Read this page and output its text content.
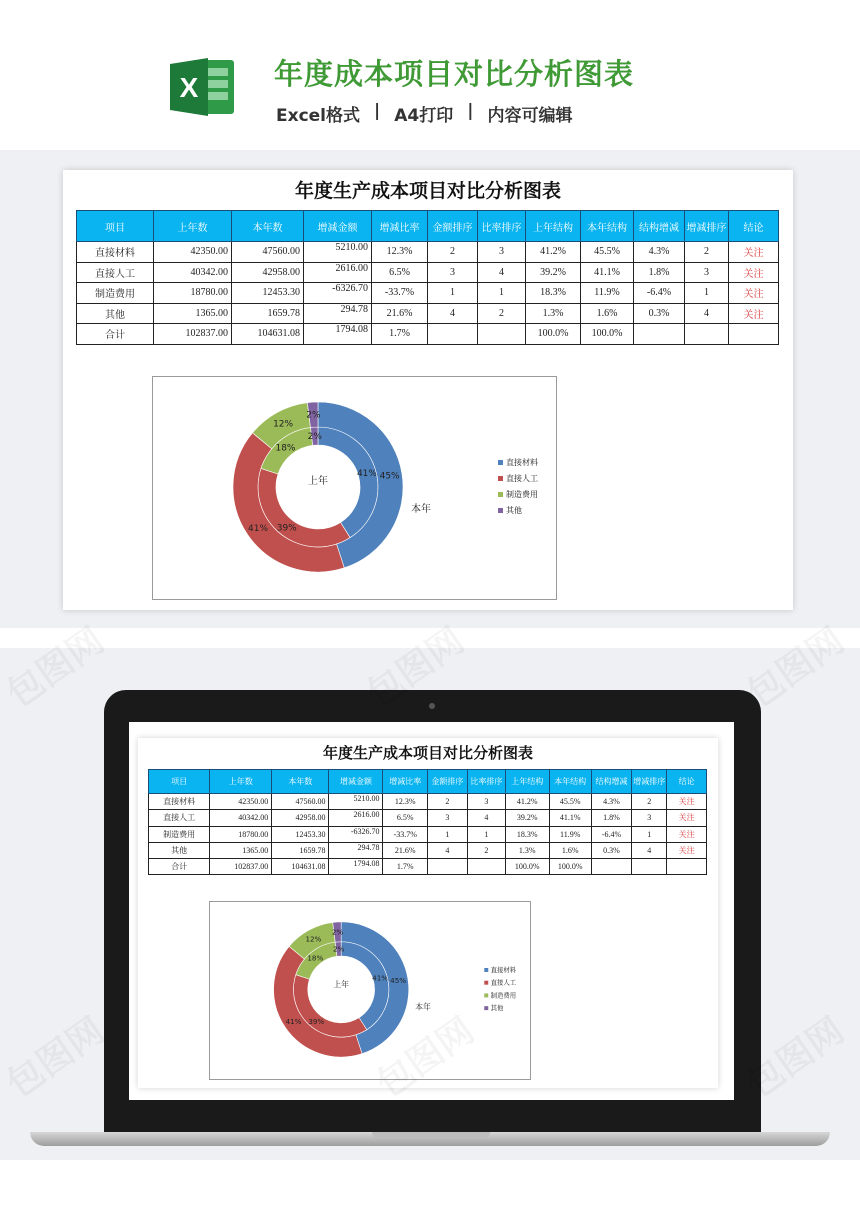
X	年度成本项目对比分析图表
Excel格式 | A4打印 | 内容可编辑
年度生产成本项目对比分析图表
项目	上年数	本年数	增减金额	增减比率	金额排序	比率排序	上年结构	本年结构	结构增减	增减排序	结论
直接材料	42350.00	47560.00	5210.00	12.3%	2	3	41.2%	45.5%	4.3%	2	关注
直接人工	40342.00	42958.00	2616.00	6.5%	3	4	39.2%	41.1%	1.8%	3	关注
制造费用	18780.00	12453.30	-6326.70	-33.7%	1	1	18.3%	11.9%	-6.4%	1	关注
其他	1365.00	1659.78	294.78	21.6%	4	2	1.3%	1.6%	0.3%	4	关注
合计	102837.00	104631.08	1794.08	1.7%			100.0%	100.0%			
41%
39%
18%
2%
45%
41%
12%
2%
上年
本年
直接材料
直接人工
制造费用
其他
年度生产成本项目对比分析图表
项目	上年数	本年数	增减金额	增减比率	金额排序	比率排序	上年结构	本年结构	结构增减	增减排序	结论
直接材料	42350.00	47560.00	5210.00	12.3%	2	3	41.2%	45.5%	4.3%	2	关注
直接人工	40342.00	42958.00	2616.00	6.5%	3	4	39.2%	41.1%	1.8%	3	关注
制造费用	18780.00	12453.30	-6326.70	-33.7%	1	1	18.3%	11.9%	-6.4%	1	关注
其他	1365.00	1659.78	294.78	21.6%	4	2	1.3%	1.6%	0.3%	4	关注
合计	102837.00	104631.08	1794.08	1.7%			100.0%	100.0%			
41%
39%
18%
2%
45%
41%
12%
2%
上年
本年
直接材料
直接人工
制造费用
其他
